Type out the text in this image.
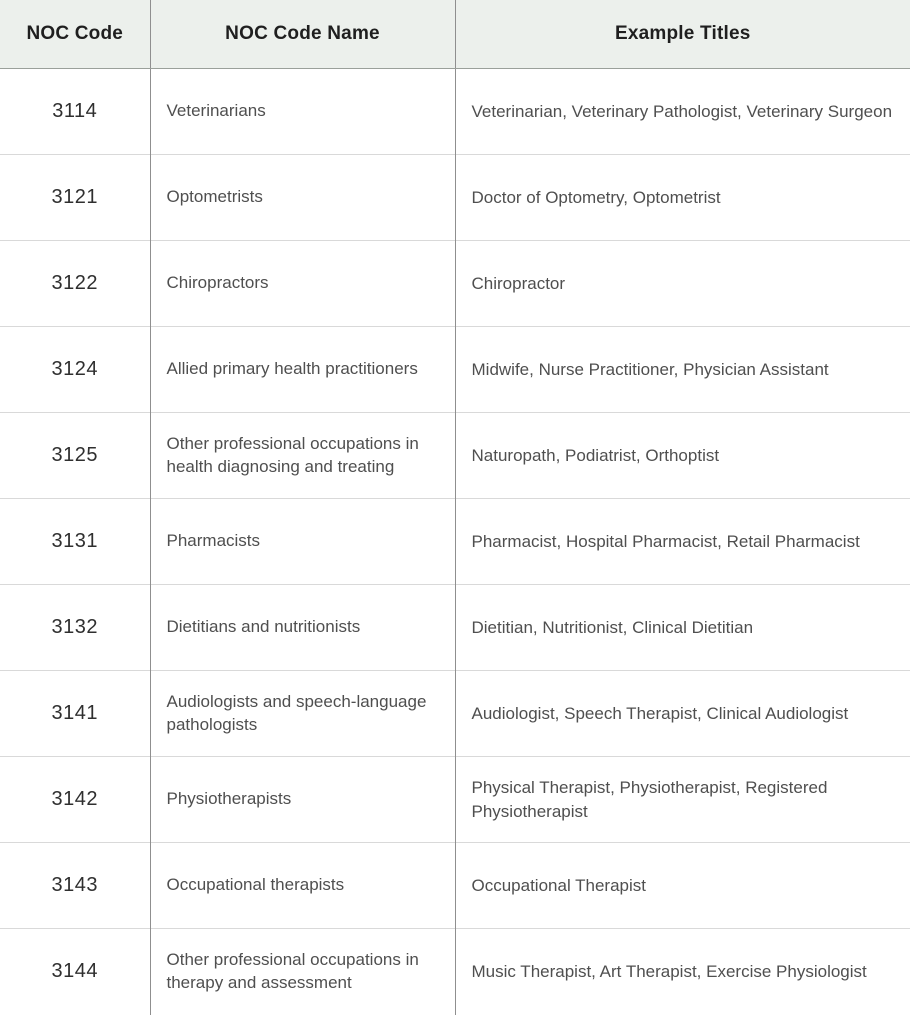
NOC Code	NOC Code Name	Example Titles
3114	Veterinarians	Veterinarian, Veterinary Pathologist, Veterinary Surgeon
3121	Optometrists	Doctor of Optometry, Optometrist
3122	Chiropractors	Chiropractor
3124	Allied primary health practitioners	Midwife, Nurse Practitioner, Physician Assistant
3125	Other professional occupations in health diagnosing and treating	Naturopath, Podiatrist, Orthoptist
3131	Pharmacists	Pharmacist, Hospital Pharmacist, Retail Pharmacist
3132	Dietitians and nutritionists	Dietitian, Nutritionist, Clinical Dietitian
3141	Audiologists and speech-language pathologists	Audiologist, Speech Therapist, Clinical Audiologist
3142	Physiotherapists	Physical Therapist, Physiotherapist, Registered Physiotherapist
3143	Occupational therapists	Occupational Therapist
3144	Other professional occupations in therapy and assessment	Music Therapist, Art Therapist, Exercise Physiologist
